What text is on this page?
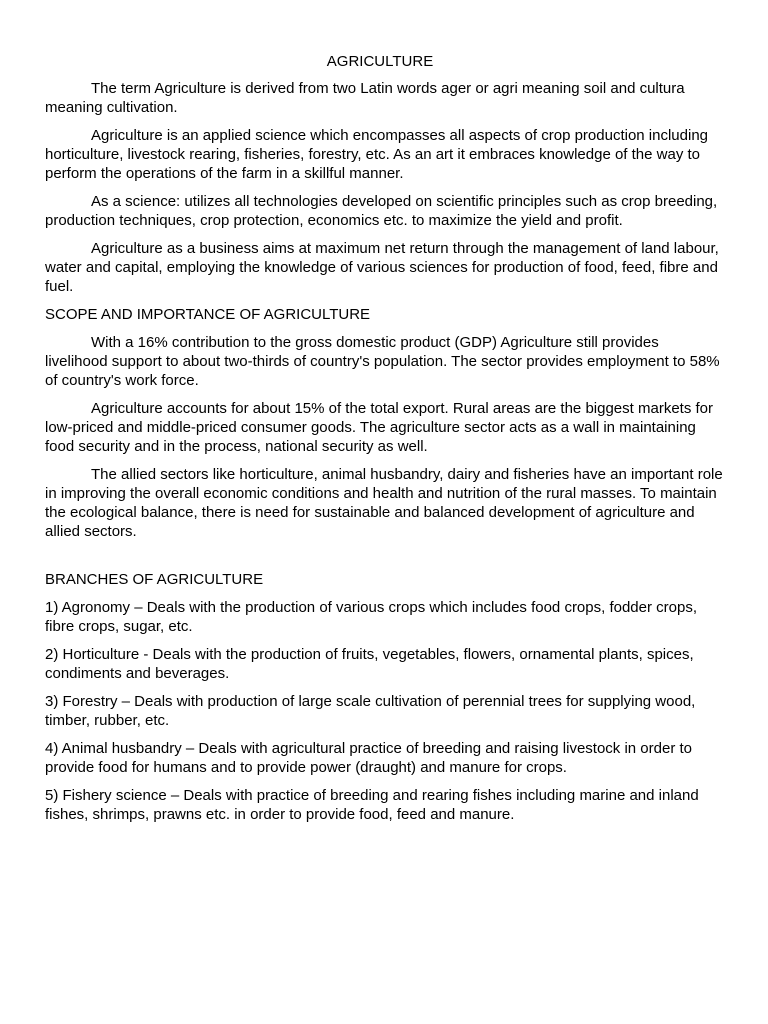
AGRICULTURE

The term Agriculture is derived from two Latin words ager or agri meaning soil and cultura meaning cultivation.

Agriculture is an applied science which encompasses all aspects of crop production including horticulture, livestock rearing, fisheries, forestry, etc. As an art it embraces knowledge of the way to perform the operations of the farm in a skillful manner.

As a science: utilizes all technologies developed on scientific principles such as crop breeding, production techniques, crop protection, economics etc. to maximize the yield and profit.

Agriculture as a business aims at maximum net return through the management of land labour, water and capital, employing the knowledge of various sciences for production of food, feed, fibre and fuel.

SCOPE AND IMPORTANCE OF AGRICULTURE

With a 16% contribution to the gross domestic product (GDP) Agriculture still provides livelihood support to about two-thirds of country's population. The sector provides employment to 58% of country's work force.

Agriculture accounts for about 15% of the total export. Rural areas are the biggest markets for low-priced and middle-priced consumer goods. The agriculture sector acts as a wall in maintaining food security and in the process, national security as well.

The allied sectors like horticulture, animal husbandry, dairy and fisheries have an important role in improving the overall economic conditions and health and nutrition of the rural masses. To maintain the ecological balance, there is need for sustainable and balanced development of agriculture and allied sectors.

BRANCHES OF AGRICULTURE

1) Agronomy – Deals with the production of various crops which includes food crops, fodder crops, fibre crops, sugar, etc.

2) Horticulture - Deals with the production of fruits, vegetables, flowers, ornamental plants, spices, condiments and beverages.

3) Forestry – Deals with production of large scale cultivation of perennial trees for supplying wood, timber, rubber, etc.

4) Animal husbandry – Deals with agricultural practice of breeding and raising livestock in order to provide food for humans and to provide power (draught) and manure for crops.

5) Fishery science – Deals with practice of breeding and rearing fishes including marine and inland fishes, shrimps, prawns etc. in order to provide food, feed and manure.
